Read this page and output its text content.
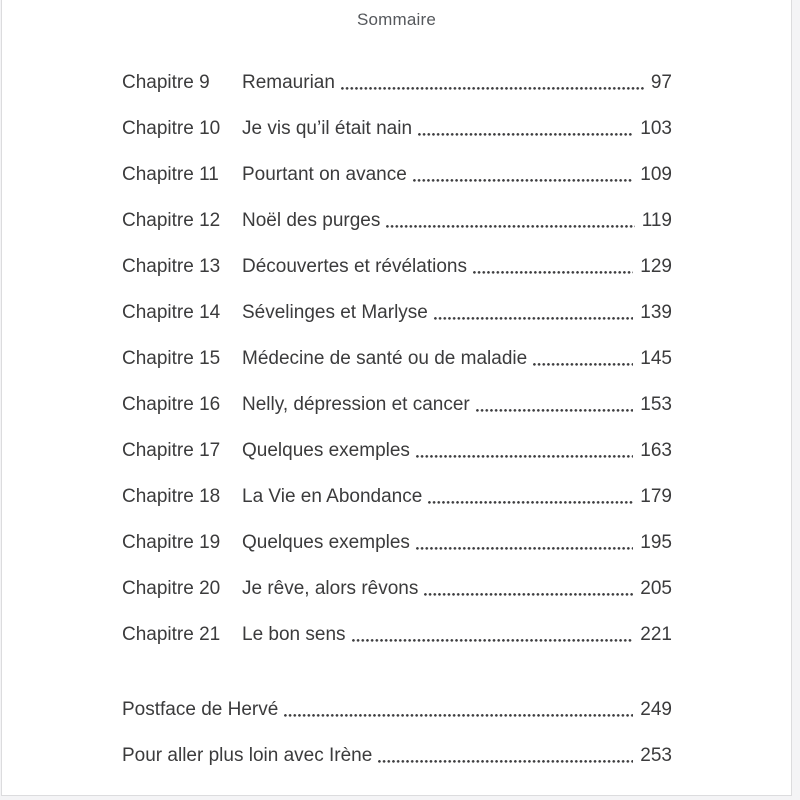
Sommaire
Chapitre 9	Remaurian	97
Chapitre 10	Je vis qu’il était nain	103
Chapitre 11	Pourtant on avance	109
Chapitre 12	Noël des purges	119
Chapitre 13	Découvertes et révélations	129
Chapitre 14	Sévelinges et Marlyse	139
Chapitre 15	Médecine de santé ou de maladie	145
Chapitre 16	Nelly, dépression et cancer	153
Chapitre 17	Quelques exemples	163
Chapitre 18	La Vie en Abondance	179
Chapitre 19	Quelques exemples	195
Chapitre 20	Je rêve, alors rêvons	205
Chapitre 21	Le bon sens	221
Postface de Hervé	249
Pour aller plus loin avec Irène	253
